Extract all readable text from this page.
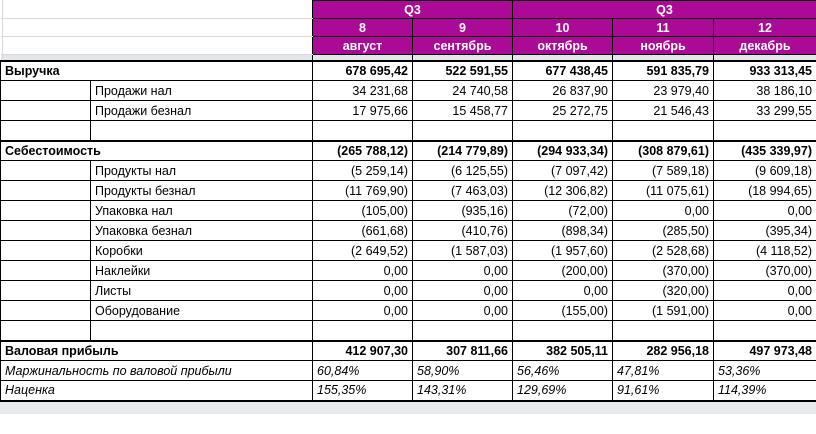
		Q3		Q3		
		8	9	10	11	12
		август	сентябрь	октябрь	ноябрь	декабрь

Выручка		678 695,42	522 591,55	677 438,45	591 835,79	933 313,45
	Продажи нал	34 231,68	24 740,58	26 837,90	23 979,40	38 186,10
	Продажи безнал	17 975,66	15 458,77	25 272,75	21 546,43	33 299,55

Себестоимость		(265 788,12)	(214 779,89)	(294 933,34)	(308 879,61)	(435 339,97)
	Продукты нал	(5 259,14)	(6 125,55)	(7 097,42)	(7 589,18)	(9 609,18)
	Продукты безнал	(11 769,90)	(7 463,03)	(12 306,82)	(11 075,61)	(18 994,65)
	Упаковка нал	(105,00)	(935,16)	(72,00)	0,00	0,00
	Упаковка безнал	(661,68)	(410,76)	(898,34)	(285,50)	(395,34)
	Коробки	(2 649,52)	(1 587,03)	(1 957,60)	(2 528,68)	(4 118,52)
	Наклейки	0,00	0,00	(200,00)	(370,00)	(370,00)
	Листы	0,00	0,00	0,00	(320,00)	0,00
	Оборудование	0,00	0,00	(155,00)	(1 591,00)	0,00

Валовая прибыль		412 907,30	307 811,66	382 505,11	282 956,18	497 973,48
Маржинальность по валовой прибыли		60,84%	58,90%	56,46%	47,81%	53,36%
Наценка		155,35%	143,31%	129,69%	91,61%	114,39%
